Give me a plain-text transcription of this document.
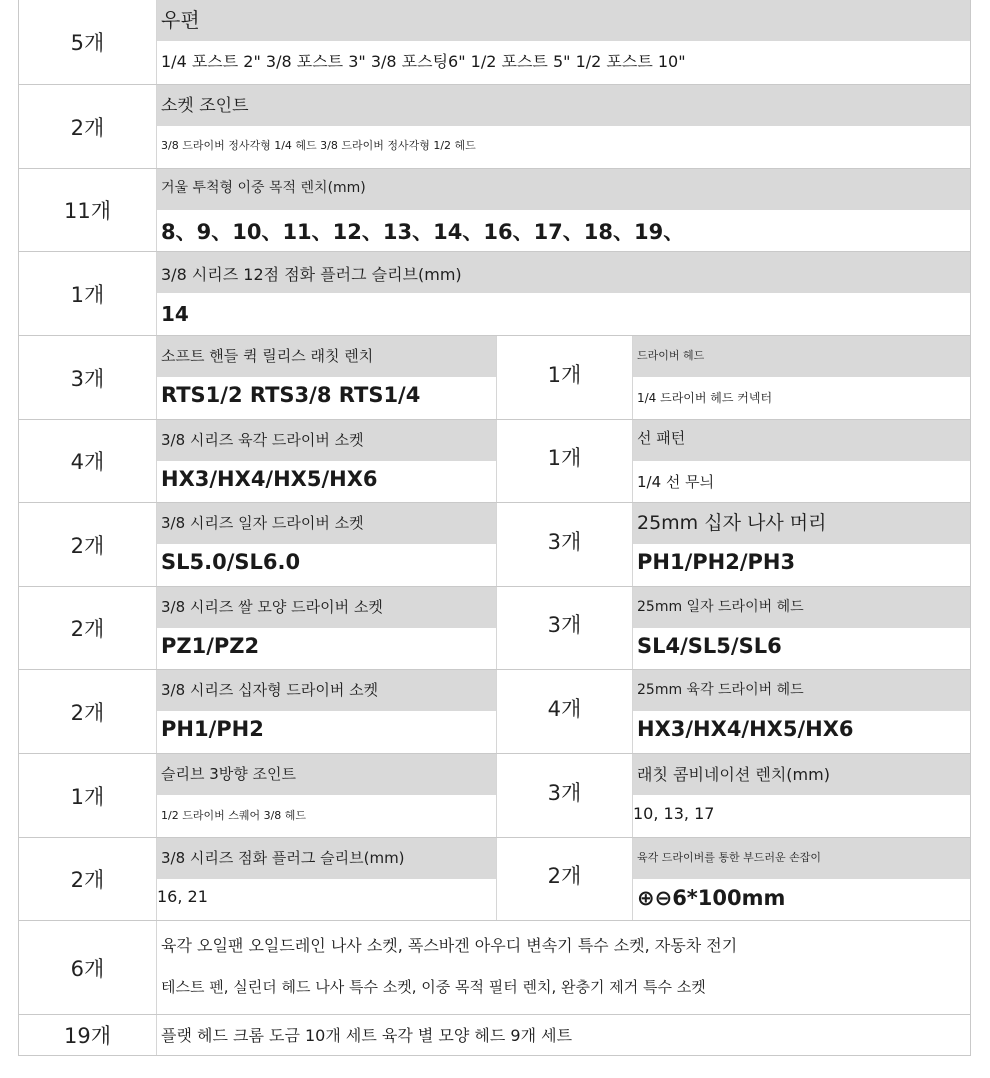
5개
우편
1/4 포스트 2" 3/8 포스트 3" 3/8 포스팅6" 1/2 포스트 5" 1/2 포스트 10"
2개
소켓 조인트
3/8 드라이버 정사각형 1/4 헤드 3/8 드라이버 정사각형 1/2 헤드
11개
거울 투척형 이중 목적 렌치(mm)
8、9、10、11、12、13、14、16、17、18、19、
1개
3/8 시리즈 12점 점화 플러그 슬리브(mm)
14
3개
소프트 핸들 퀵 릴리스 래칫 렌치
RTS1/2 RTS3/8 RTS1/4
1개
드라이버 헤드
1/4 드라이버 헤드 커넥터
4개
3/8 시리즈 육각 드라이버 소켓
HX3/HX4/HX5/HX6
1개
선 패턴
1/4 선 무늬
2개
3/8 시리즈 일자 드라이버 소켓
SL5.0/SL6.0
3개
25mm 십자 나사 머리
PH1/PH2/PH3
2개
3/8 시리즈 쌀 모양 드라이버 소켓
PZ1/PZ2
3개
25mm 일자 드라이버 헤드
SL4/SL5/SL6
2개
3/8 시리즈 십자형 드라이버 소켓
PH1/PH2
4개
25mm 육각 드라이버 헤드
HX3/HX4/HX5/HX6
1개
슬리브 3방향 조인트
1/2 드라이버 스퀘어 3/8 헤드
3개
래칫 콤비네이션 렌치(mm)
10, 13, 17
2개
3/8 시리즈 점화 플러그 슬리브(mm)
16, 21
2개
육각 드라이버를 통한 부드러운 손잡이
⊕⊖6*100mm
6개
육각 오일팬 오일드레인 나사 소켓, 폭스바겐 아우디 변속기 특수 소켓, 자동차 전기
테스트 펜, 실린더 헤드 나사 특수 소켓, 이중 목적 필터 렌치, 완충기 제거 특수 소켓
19개	플랫 헤드 크롬 도금 10개 세트 육각 별 모양 헤드 9개 세트
